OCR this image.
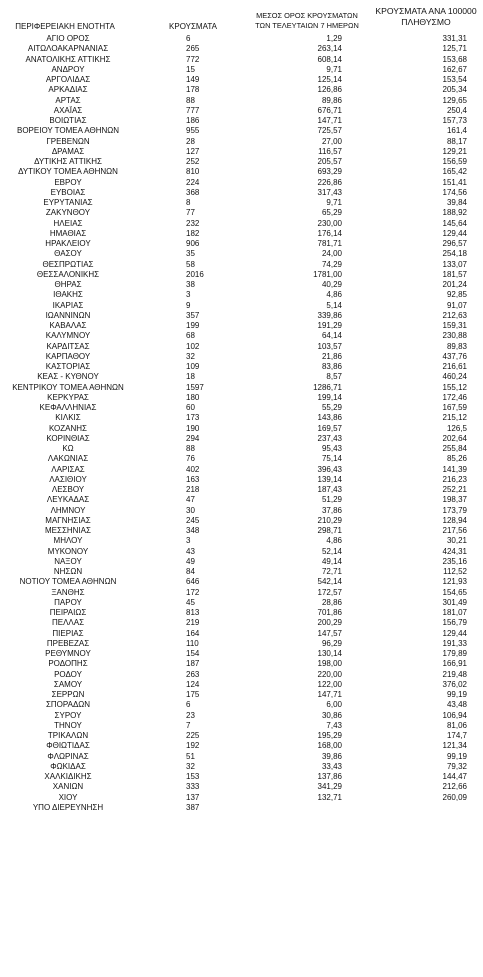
ΠΕΡΙΦΕΡΕΙΑΚΗ ΕΝΟΤΗΤΑ	ΚΡΟΥΣΜΑΤΑ
ΜΕΣΟΣ ΟΡΟΣ ΚΡΟΥΣΜΑΤΩΝ
ΤΩΝ ΤΕΛΕΥΤΑΙΩΝ 7 ΗΜΕΡΩΝ
ΚΡΟΥΣΜΑΤΑ ΑΝΑ 100000
ΠΛΗΘΥΣΜΟ
ΑΓΙΟ ΟΡΟΣ	6	1,29	331,31
ΑΙΤΩΛΟΑΚΑΡΝΑΝΙΑΣ	265	263,14	125,71
ΑΝΑΤΟΛΙΚΗΣ ΑΤΤΙΚΗΣ	772	608,14	153,68
ΑΝΔΡΟΥ	15	9,71	162,67
ΑΡΓΟΛΙΔΑΣ	149	125,14	153,54
ΑΡΚΑΔΙΑΣ	178	126,86	205,34
ΑΡΤΑΣ	88	89,86	129,65
ΑΧΑΪΑΣ	777	676,71	250,4
ΒΟΙΩΤΙΑΣ	186	147,71	157,73
ΒΟΡΕΙΟΥ ΤΟΜΕΑ ΑΘΗΝΩΝ	955	725,57	161,4
ΓΡΕΒΕΝΩΝ	28	27,00	88,17
ΔΡΑΜΑΣ	127	116,57	129,21
ΔΥΤΙΚΗΣ ΑΤΤΙΚΗΣ	252	205,57	156,59
ΔΥΤΙΚΟΥ ΤΟΜΕΑ ΑΘΗΝΩΝ	810	693,29	165,42
ΕΒΡΟΥ	224	226,86	151,41
ΕΥΒΟΙΑΣ	368	317,43	174,56
ΕΥΡΥΤΑΝΙΑΣ	8	9,71	39,84
ΖΑΚΥΝΘΟΥ	77	65,29	188,92
ΗΛΕΙΑΣ	232	230,00	145,64
ΗΜΑΘΙΑΣ	182	176,14	129,44
ΗΡΑΚΛΕΙΟΥ	906	781,71	296,57
ΘΑΣΟΥ	35	24,00	254,18
ΘΕΣΠΡΩΤΙΑΣ	58	74,29	133,07
ΘΕΣΣΑΛΟΝΙΚΗΣ	2016	1781,00	181,57
ΘΗΡΑΣ	38	40,29	201,24
ΙΘΑΚΗΣ	3	4,86	92,85
ΙΚΑΡΙΑΣ	9	5,14	91,07
ΙΩΑΝΝΙΝΩΝ	357	339,86	212,63
ΚΑΒΑΛΑΣ	199	191,29	159,31
ΚΑΛΥΜΝΟΥ	68	64,14	230,88
ΚΑΡΔΙΤΣΑΣ	102	103,57	89,83
ΚΑΡΠΑΘΟΥ	32	21,86	437,76
ΚΑΣΤΟΡΙΑΣ	109	83,86	216,61
ΚΕΑΣ - ΚΥΘΝΟΥ	18	8,57	460,24
ΚΕΝΤΡΙΚΟΥ ΤΟΜΕΑ ΑΘΗΝΩΝ	1597	1286,71	155,12
ΚΕΡΚΥΡΑΣ	180	199,14	172,46
ΚΕΦΑΛΛΗΝΙΑΣ	60	55,29	167,59
ΚΙΛΚΙΣ	173	143,86	215,12
ΚΟΖΑΝΗΣ	190	169,57	126,5
ΚΟΡΙΝΘΙΑΣ	294	237,43	202,64
ΚΩ	88	95,43	255,84
ΛΑΚΩΝΙΑΣ	76	75,14	85,26
ΛΑΡΙΣΑΣ	402	396,43	141,39
ΛΑΣΙΘΙΟΥ	163	139,14	216,23
ΛΕΣΒΟΥ	218	187,43	252,21
ΛΕΥΚΑΔΑΣ	47	51,29	198,37
ΛΗΜΝΟΥ	30	37,86	173,79
ΜΑΓΝΗΣΙΑΣ	245	210,29	128,94
ΜΕΣΣΗΝΙΑΣ	348	298,71	217,56
ΜΗΛΟΥ	3	4,86	30,21
ΜΥΚΟΝΟΥ	43	52,14	424,31
ΝΑΞΟΥ	49	49,14	235,16
ΝΗΣΩΝ	84	72,71	112,52
ΝΟΤΙΟΥ ΤΟΜΕΑ ΑΘΗΝΩΝ	646	542,14	121,93
ΞΑΝΘΗΣ	172	172,57	154,65
ΠΑΡΟΥ	45	28,86	301,49
ΠΕΙΡΑΙΩΣ	813	701,86	181,07
ΠΕΛΛΑΣ	219	200,29	156,79
ΠΙΕΡΙΑΣ	164	147,57	129,44
ΠΡΕΒΕΖΑΣ	110	96,29	191,33
ΡΕΘΥΜΝΟΥ	154	130,14	179,89
ΡΟΔΟΠΗΣ	187	198,00	166,91
ΡΟΔΟΥ	263	220,00	219,48
ΣΑΜΟΥ	124	122,00	376,02
ΣΕΡΡΩΝ	175	147,71	99,19
ΣΠΟΡΑΔΩΝ	6	6,00	43,48
ΣΥΡΟΥ	23	30,86	106,94
ΤΗΝΟΥ	7	7,43	81,06
ΤΡΙΚΑΛΩΝ	225	195,29	174,7
ΦΘΙΩΤΙΔΑΣ	192	168,00	121,34
ΦΛΩΡΙΝΑΣ	51	39,86	99,19
ΦΩΚΙΔΑΣ	32	33,43	79,32
ΧΑΛΚΙΔΙΚΗΣ	153	137,86	144,47
ΧΑΝΙΩΝ	333	341,29	212,66
ΧΙΟΥ	137	132,71	260,09
ΥΠΟ ΔΙΕΡΕΥΝΗΣΗ	387
